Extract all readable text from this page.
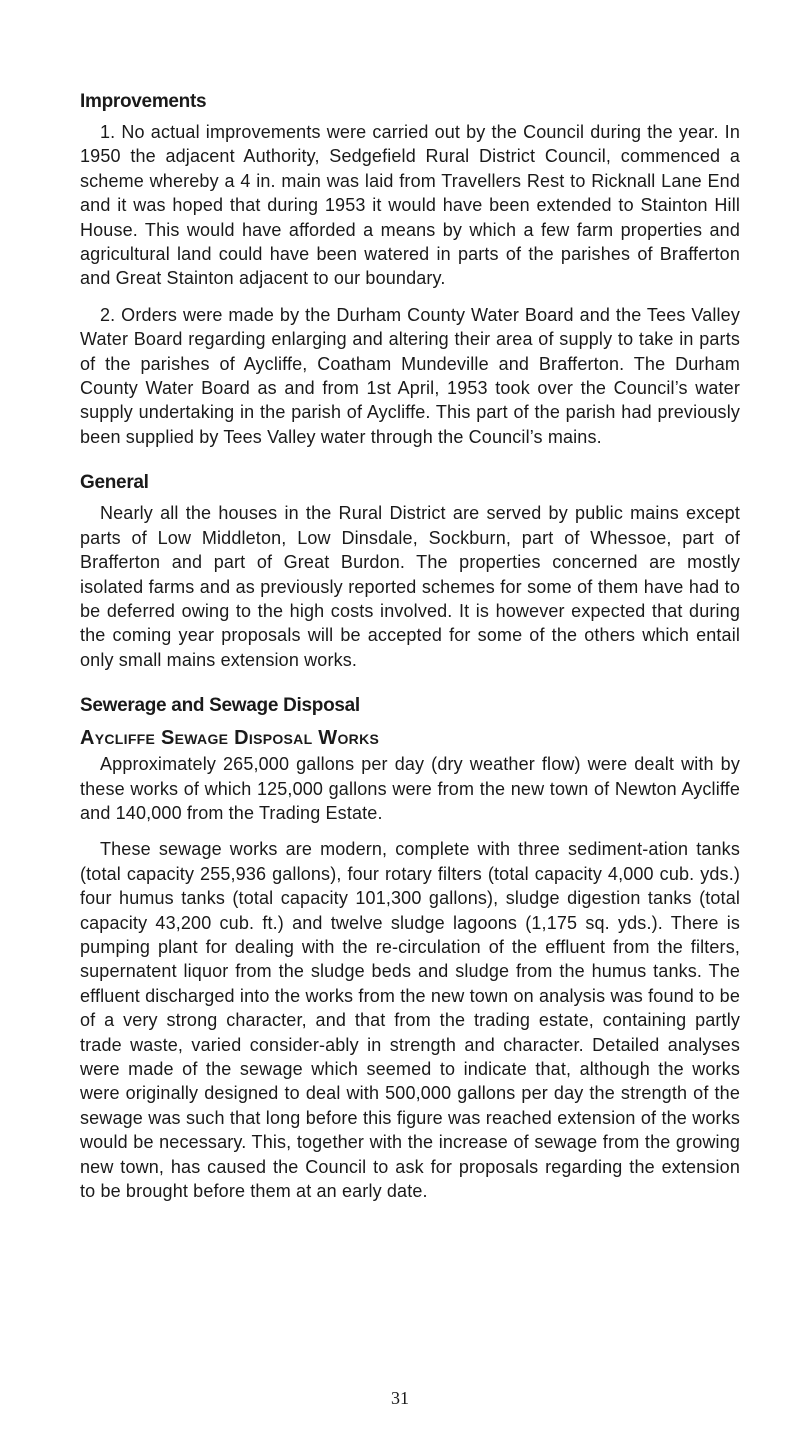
Improvements

1. No actual improvements were carried out by the Council during the year. In 1950 the adjacent Authority, Sedgefield Rural District Council, commenced a scheme whereby a 4 in. main was laid from Travellers Rest to Ricknall Lane End and it was hoped that during 1953 it would have been extended to Stainton Hill House. This would have afforded a means by which a few farm properties and agricultural land could have been watered in parts of the parishes of Brafferton and Great Stainton adjacent to our boundary.

2. Orders were made by the Durham County Water Board and the Tees Valley Water Board regarding enlarging and altering their area of supply to take in parts of the parishes of Aycliffe, Coatham Mundeville and Brafferton. The Durham County Water Board as and from 1st April, 1953 took over the Council’s water supply undertaking in the parish of Aycliffe. This part of the parish had previously been supplied by Tees Valley water through the Council’s mains.

General

Nearly all the houses in the Rural District are served by public mains except parts of Low Middleton, Low Dinsdale, Sockburn, part of Whessoe, part of Brafferton and part of Great Burdon. The properties concerned are mostly isolated farms and as previously reported schemes for some of them have had to be deferred owing to the high costs involved. It is however expected that during the coming year proposals will be accepted for some of the others which entail only small mains extension works.

Sewerage and Sewage Disposal
Aycliffe Sewage Disposal Works

Approximately 265,000 gallons per day (dry weather flow) were dealt with by these works of which 125,000 gallons were from the new town of Newton Aycliffe and 140,000 from the Trading Estate.

These sewage works are modern, complete with three sediment-ation tanks (total capacity 255,936 gallons), four rotary filters (total capacity 4,000 cub. yds.) four humus tanks (total capacity 101,300 gallons), sludge digestion tanks (total capacity 43,200 cub. ft.) and twelve sludge lagoons (1,175 sq. yds.). There is pumping plant for dealing with the re-circulation of the effluent from the filters, supernatent liquor from the sludge beds and sludge from the humus tanks. The effluent discharged into the works from the new town on analysis was found to be of a very strong character, and that from the trading estate, containing partly trade waste, varied consider-ably in strength and character. Detailed analyses were made of the sewage which seemed to indicate that, although the works were originally designed to deal with 500,000 gallons per day the strength of the sewage was such that long before this figure was reached extension of the works would be necessary. This, together with the increase of sewage from the growing new town, has caused the Council to ask for proposals regarding the extension to be brought before them at an early date.

31
